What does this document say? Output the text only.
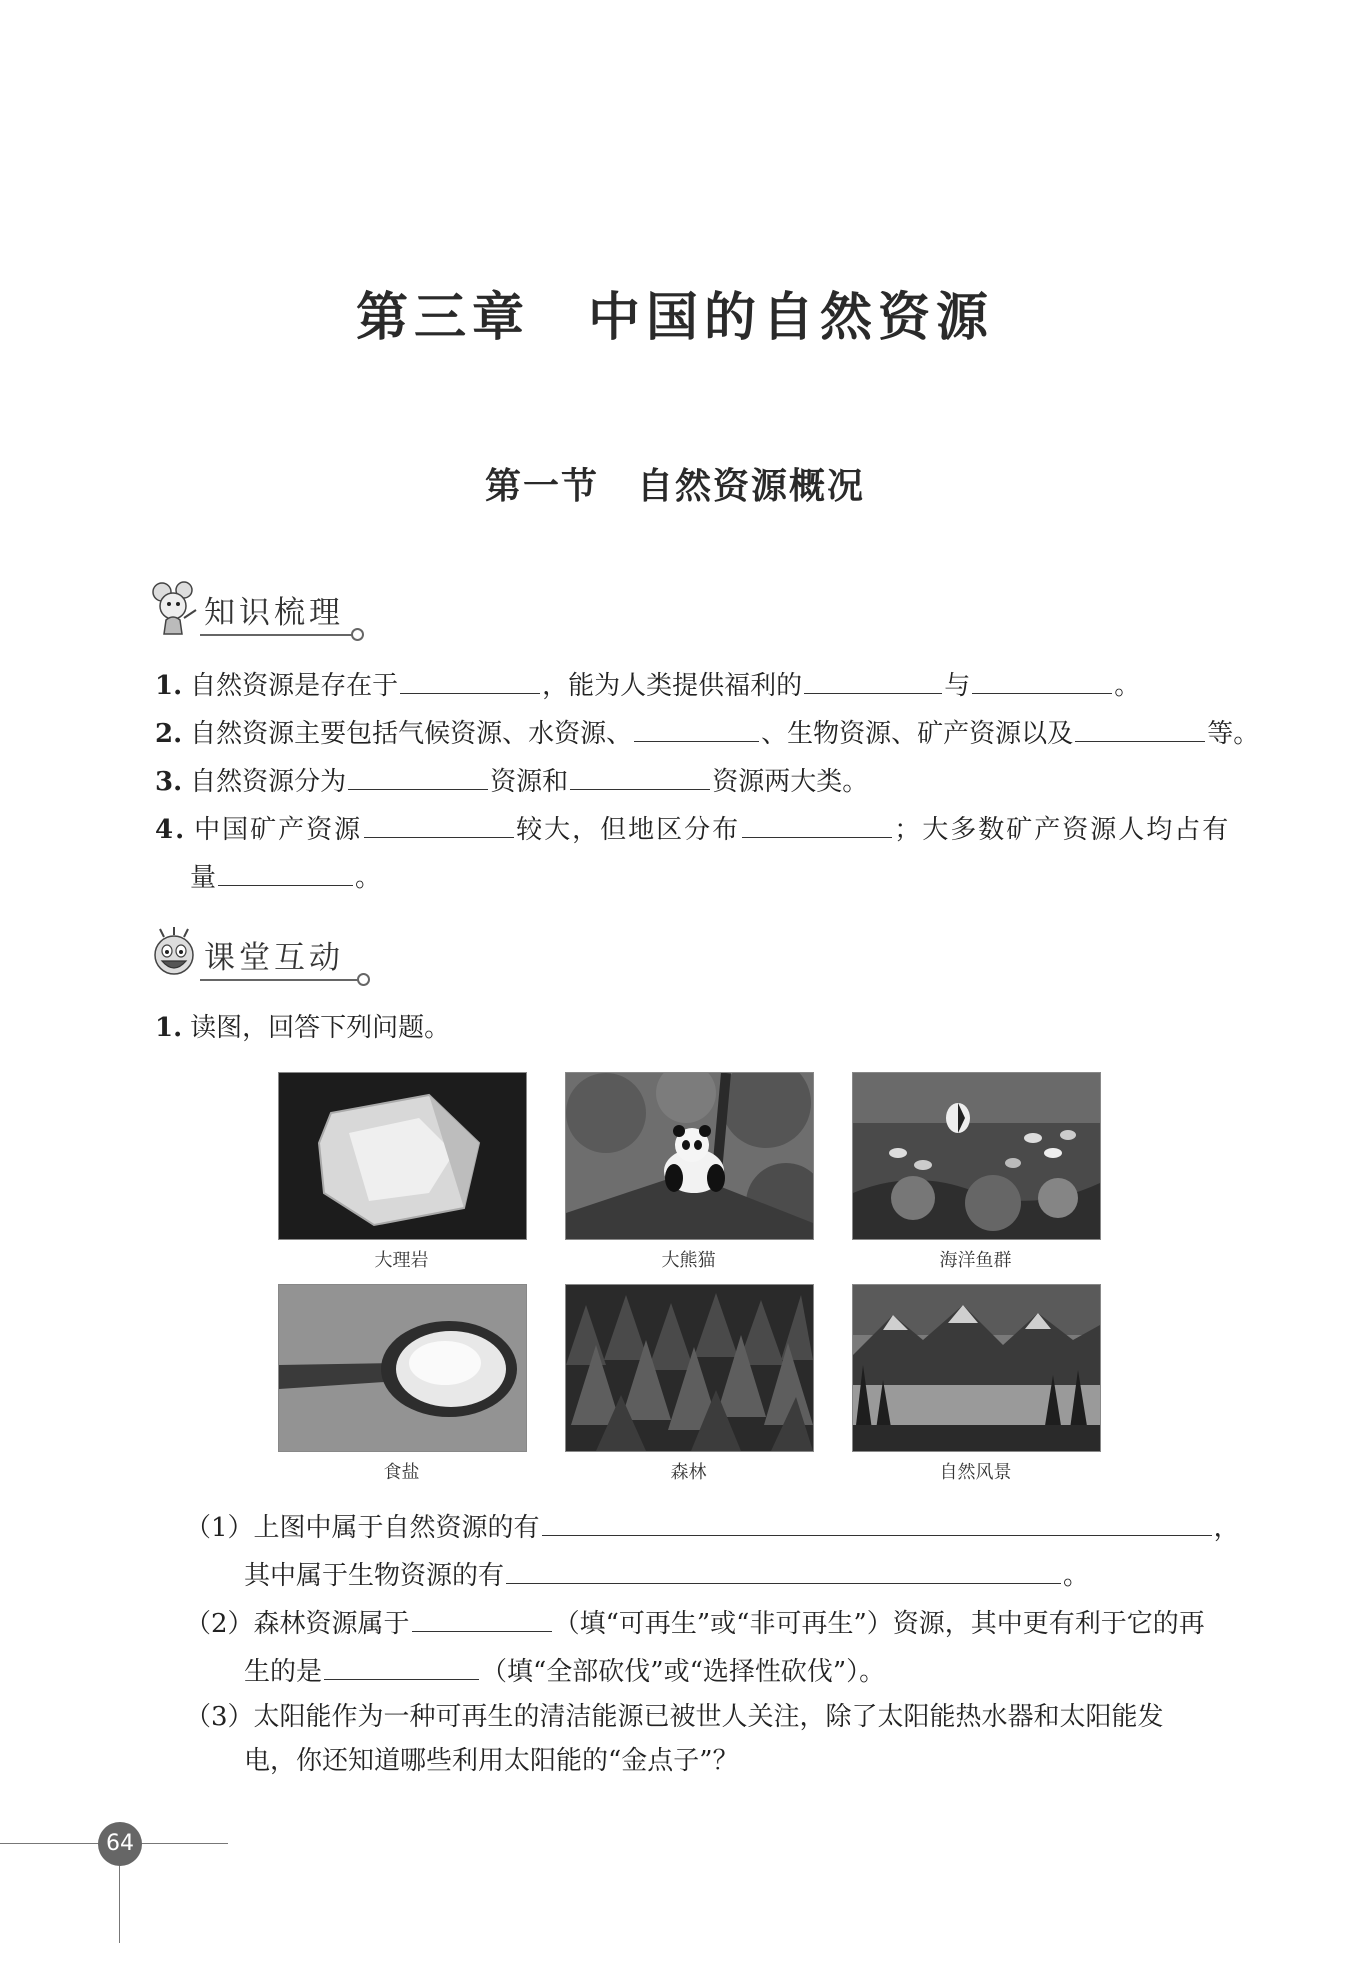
第三章　中国的自然资源
第一节　自然资源概况
知识梳理
1. 自然资源是存在于	，能为人类提供福利的	与	。
2. 自然资源主要包括气候资源、水资源、	、生物资源、矿产资源以及	等。
3. 自然资源分为	资源和	资源两大类。
4. 中国矿产资源	较大，但地区分布	；大多数矿产资源人均占有
量	。
课堂互动
1. 读图，回答下列问题。
大理岩	大熊猫	海洋鱼群
食盐	森林	自然风景
（1）上图中属于自然资源的有	，
其中属于生物资源的有	。
（2）森林资源属于	（填“可再生”或“非可再生”）资源，其中更有利于它的再
生的是	（填“全部砍伐”或“选择性砍伐”）。
（3）太阳能作为一种可再生的清洁能源已被世人关注，除了太阳能热水器和太阳能发
电，你还知道哪些利用太阳能的“金点子”？
64
